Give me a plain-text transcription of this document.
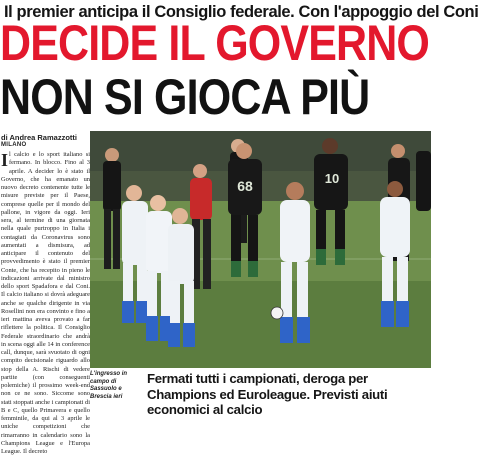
Il premier anticipa il Consiglio federale. Con l'appoggio del Coni
DECIDE IL GOVERNO
NON SI GIOCA PIÙ
di Andrea Ramazzotti
MILANO
Il calcio e lo sport italiano si fermano. In blocco. Fino al 3 aprile. A decider lo è stato il Governo, che ha emanato un nuovo decreto contenente tutte le misure previste per il Paese, comprese quelle per il mondo del pallone, in vigore da oggi. Ieri sera, al termine di una giornata nella quale purtroppo in Italia i contagiati da Coronavirus sono aumentati a dismisura, ad anticipare il contenuto del provvedimento è stato il premier Conte, che ha recepito in pieno le indicazioni arrivate dal ministro dello sport Spadafora e dal Coni. Il calcio italiano si dovrà adeguare anche se qualche dirigente in via Rosellini non era convinto e fino a ieri mattina aveva provato a far riflettere la politica. Il Consiglio Federale straordinario che andrà in scena oggi alle 14 in conference call, dunque, sarà svuotato di ogni compito decisionale riguardo allo stop della A. Rischi di vedere partite (con conseguenti polemiche) il prossimo week-end non ce ne sono. Siccome sono stati stoppati anche i campionati di B e C, quello Primavera e quello femminile, da qui al 3 aprile le uniche competizioni che rimarranno in calendario sono la Champions League e l'Europa League. Il decreto
68	10
L'ingresso in campo di Sassuolo e Brescia ieri
Fermati tutti i campionati, deroga per Champions ed Euroleague. Previsti aiuti economici al calcio
